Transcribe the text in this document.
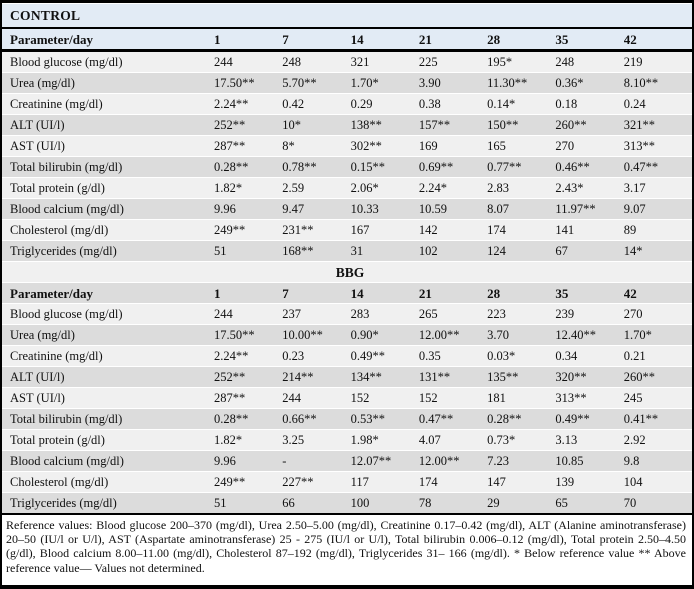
CONTROL							
Parameter/day	1	7	14	21	28	35	42
Blood glucose (mg/dl)	244	248	321	225	195*	248	219
Urea (mg/dl)	17.50**	5.70**	1.70*	3.90	11.30**	0.36*	8.10**
Creatinine (mg/dl)	2.24**	0.42	0.29	0.38	0.14*	0.18	0.24
ALT (UI/l)	252**	10*	138**	157**	150**	260**	321**
AST (UI/l)	287**	8*	302**	169	165	270	313**
Total bilirubin (mg/dl)	0.28**	0.78**	0.15**	0.69**	0.77**	0.46**	0.47**
Total protein (g/dl)	1.82*	2.59	2.06*	2.24*	2.83	2.43*	3.17
Blood calcium (mg/dl)	9.96	9.47	10.33	10.59	8.07	11.97**	9.07
Cholesterol (mg/dl)	249**	231**	167	142	174	141	89
Triglycerides (mg/dl)	51	168**	31	102	124	67	14*
BBG							
Parameter/day	1	7	14	21	28	35	42
Blood glucose (mg/dl)	244	237	283	265	223	239	270
Urea (mg/dl)	17.50**	10.00**	0.90*	12.00**	3.70	12.40**	1.70*
Creatinine (mg/dl)	2.24**	0.23	0.49**	0.35	0.03*	0.34	0.21
ALT (UI/l)	252**	214**	134**	131**	135**	320**	260**
AST (UI/l)	287**	244	152	152	181	313**	245
Total bilirubin (mg/dl)	0.28**	0.66**	0.53**	0.47**	0.28**	0.49**	0.41**
Total protein (g/dl)	1.82*	3.25	1.98*	4.07	0.73*	3.13	2.92
Blood calcium (mg/dl)	9.96	-	12.07**	12.00**	7.23	10.85	9.8
Cholesterol (mg/dl)	249**	227**	117	174	147	139	104
Triglycerides (mg/dl)	51	66	100	78	29	65	70
Reference values: Blood glucose 200–370 (mg/dl), Urea 2.50–5.00 (mg/dl), Creatinine 0.17–0.42 (mg/dl), ALT (Alanine aminotransferase) 20–50 (IU/l or U/l), AST (Aspartate aminotransferase) 25 - 275 (IU/l or U/l), Total bilirubin 0.006–0.12 (mg/dl), Total protein 2.50–4.50 (g/dl), Blood calcium 8.00–11.00 (mg/dl), Cholesterol 87–192 (mg/dl), Triglycerides 31– 166 (mg/dl). * Below reference value ** Above reference value— Values not determined.
